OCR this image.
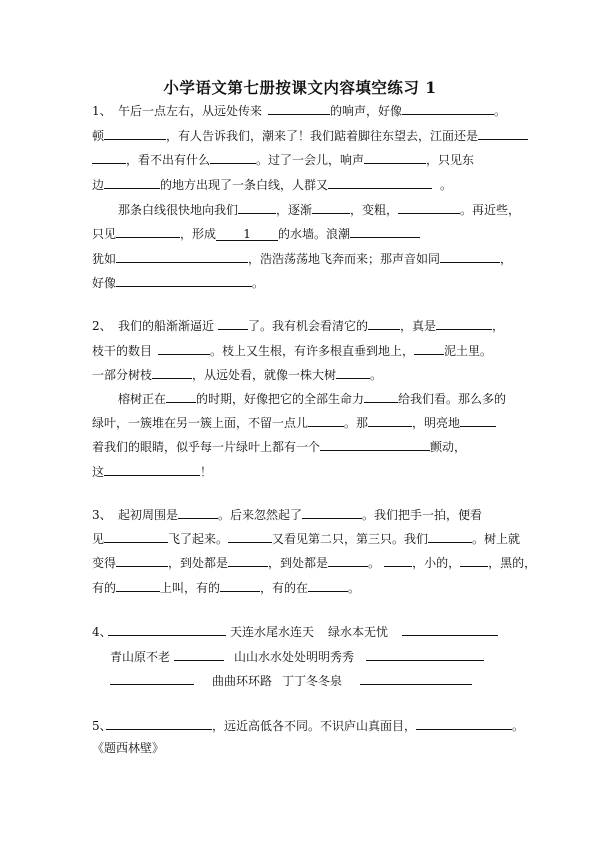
小学语文第七册按课文内容填空练习 1
1、 午后一点左右，从远处传来	的响声，好像	。
顿	，有人告诉我们，潮来了！我们踮着脚往东望去，江面还是
，看不出有什么	。过了一会儿，响声	，只见东
边	的地方出现了一条白线，人群又	。
那条白线很快地向我们	，逐渐	，变粗，	。再近些，
只见	，形成 1 的水墙。浪潮
犹如	，浩浩荡荡地飞奔而来；那声音如同	，
好像	。
2、 我们的船渐渐逼近	了。我有机会看清它的	，真是	，
枝干的数目	。枝上又生根，有许多根直垂到地上，	泥土里。
一部分树枝	，从远处看，就像一株大树	。
榕树正在	的时期，好像把它的全部生命力	给我们看。那么多的
绿叶，一簇堆在另一簇上面，不留一点儿	。那	，明亮地
着我们的眼睛，似乎每一片绿叶上都有一个	颤动，
这	！
3、 起初周围是	。后来忽然起了	。我们把手一拍，便看
见	飞了起来。	又看见第二只，第三只。我们	。树上就
变得	，到处都是	，到处都是	。	，小的， ，黑的，
有的	上叫，有的	，有的在	。
4、	天连水尾水连天 绿水本无忧
青山原不老	山山水水处处明明秀秀
曲曲环环路 丁丁冬冬泉
5、	，远近高低各不同。不识庐山真面目，	。
《题西林壁》
